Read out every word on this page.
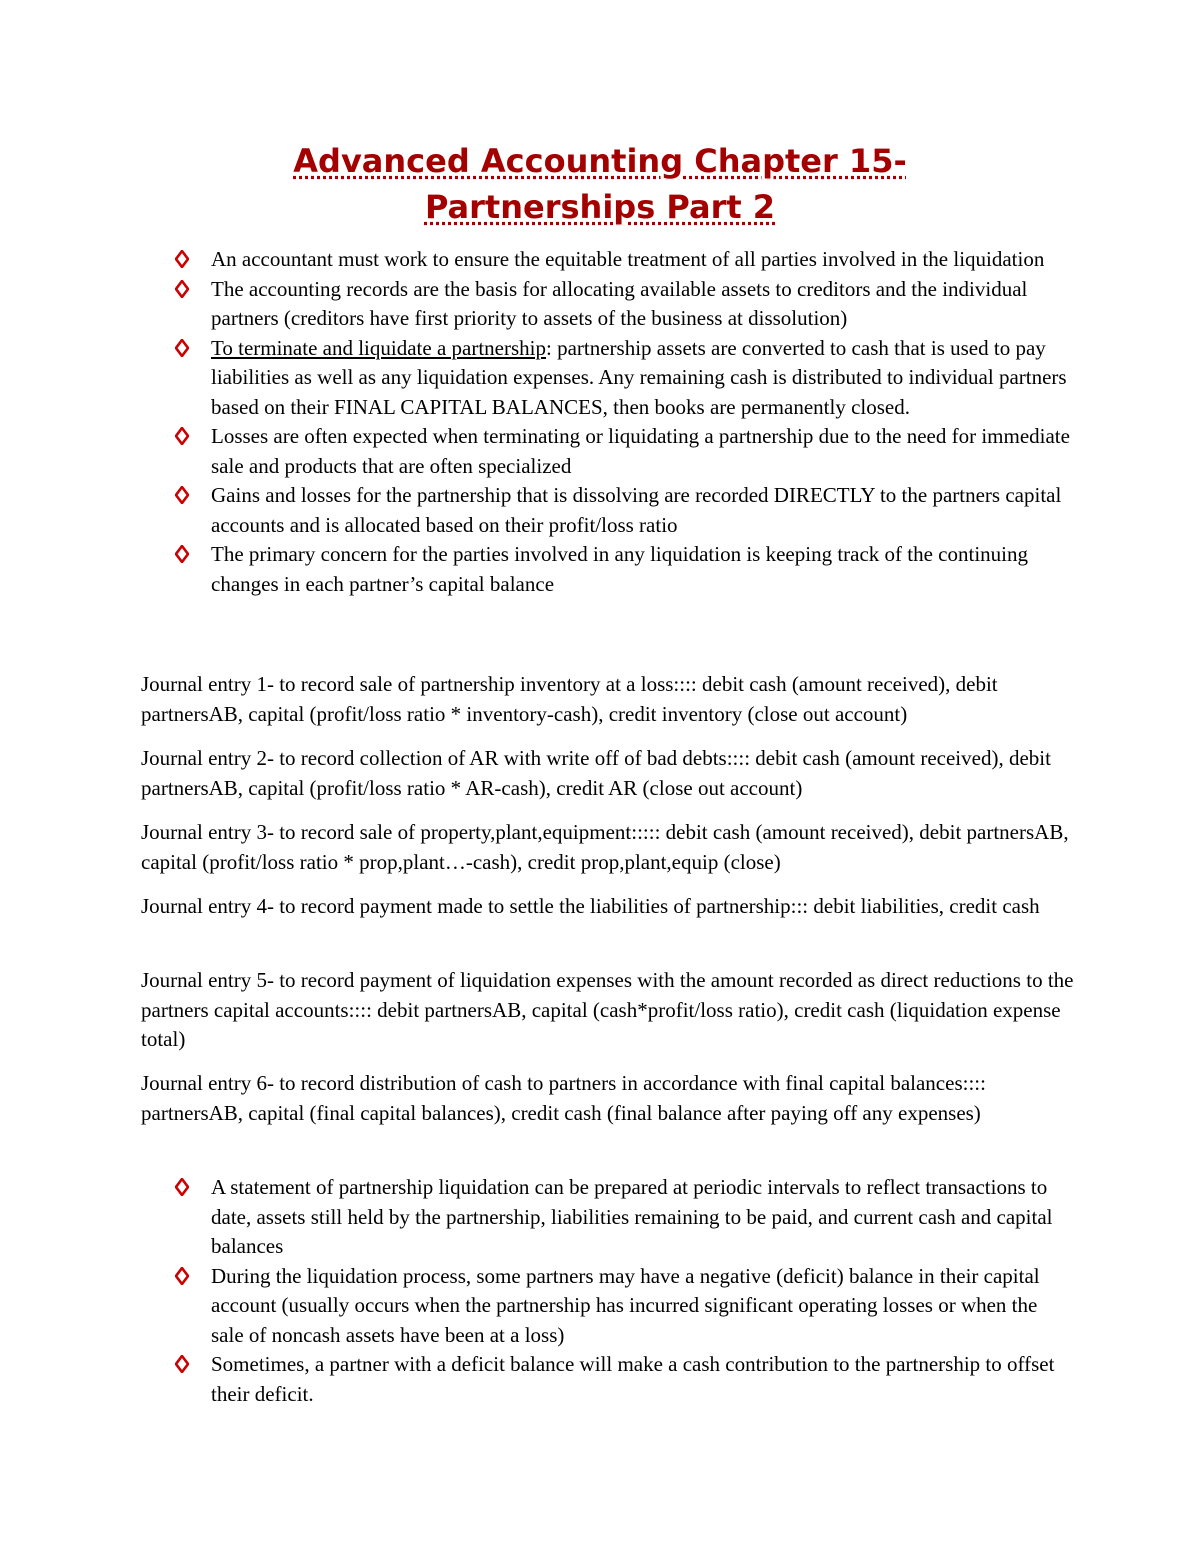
Advanced Accounting Chapter 15-
Partnerships Part 2
An accountant must work to ensure the equitable treatment of all parties involved in the liquidation
The accounting records are the basis for allocating available assets to creditors and the individual partners (creditors have first priority to assets of the business at dissolution)
To terminate and liquidate a partnership: partnership assets are converted to cash that is used to pay liabilities as well as any liquidation expenses. Any remaining cash is distributed to individual partners based on their FINAL CAPITAL BALANCES, then books are permanently closed.
Losses are often expected when terminating or liquidating a partnership due to the need for immediate sale and products that are often specialized
Gains and losses for the partnership that is dissolving are recorded DIRECTLY to the partners capital accounts and is allocated based on their profit/loss ratio
The primary concern for the parties involved in any liquidation is keeping track of the continuing changes in each partner’s capital balance

Journal entry 1- to record sale of partnership inventory at a loss:::: debit cash (amount received), debit partnersAB, capital (profit/loss ratio * inventory-cash), credit inventory (close out account)

Journal entry 2- to record collection of AR with write off of bad debts:::: debit cash (amount received), debit partnersAB, capital (profit/loss ratio * AR-cash), credit AR (close out account)

Journal entry 3- to record sale of property,plant,equipment::::: debit cash (amount received), debit partnersAB, capital (profit/loss ratio * prop,plant…-cash), credit prop,plant,equip (close)

Journal entry 4- to record payment made to settle the liabilities of partnership::: debit liabilities, credit cash

Journal entry 5- to record payment of liquidation expenses with the amount recorded as direct reductions to the partners capital accounts:::: debit partnersAB, capital (cash*profit/loss ratio), credit cash (liquidation expense total)

Journal entry 6- to record distribution of cash to partners in accordance with final capital balances:::: partnersAB, capital (final capital balances), credit cash (final balance after paying off any expenses)

A statement of partnership liquidation can be prepared at periodic intervals to reflect transactions to date, assets still held by the partnership, liabilities remaining to be paid, and current cash and capital balances
During the liquidation process, some partners may have a negative (deficit) balance in their capital account (usually occurs when the partnership has incurred significant operating losses or when the sale of noncash assets have been at a loss)
Sometimes, a partner with a deficit balance will make a cash contribution to the partnership to offset their deficit.
